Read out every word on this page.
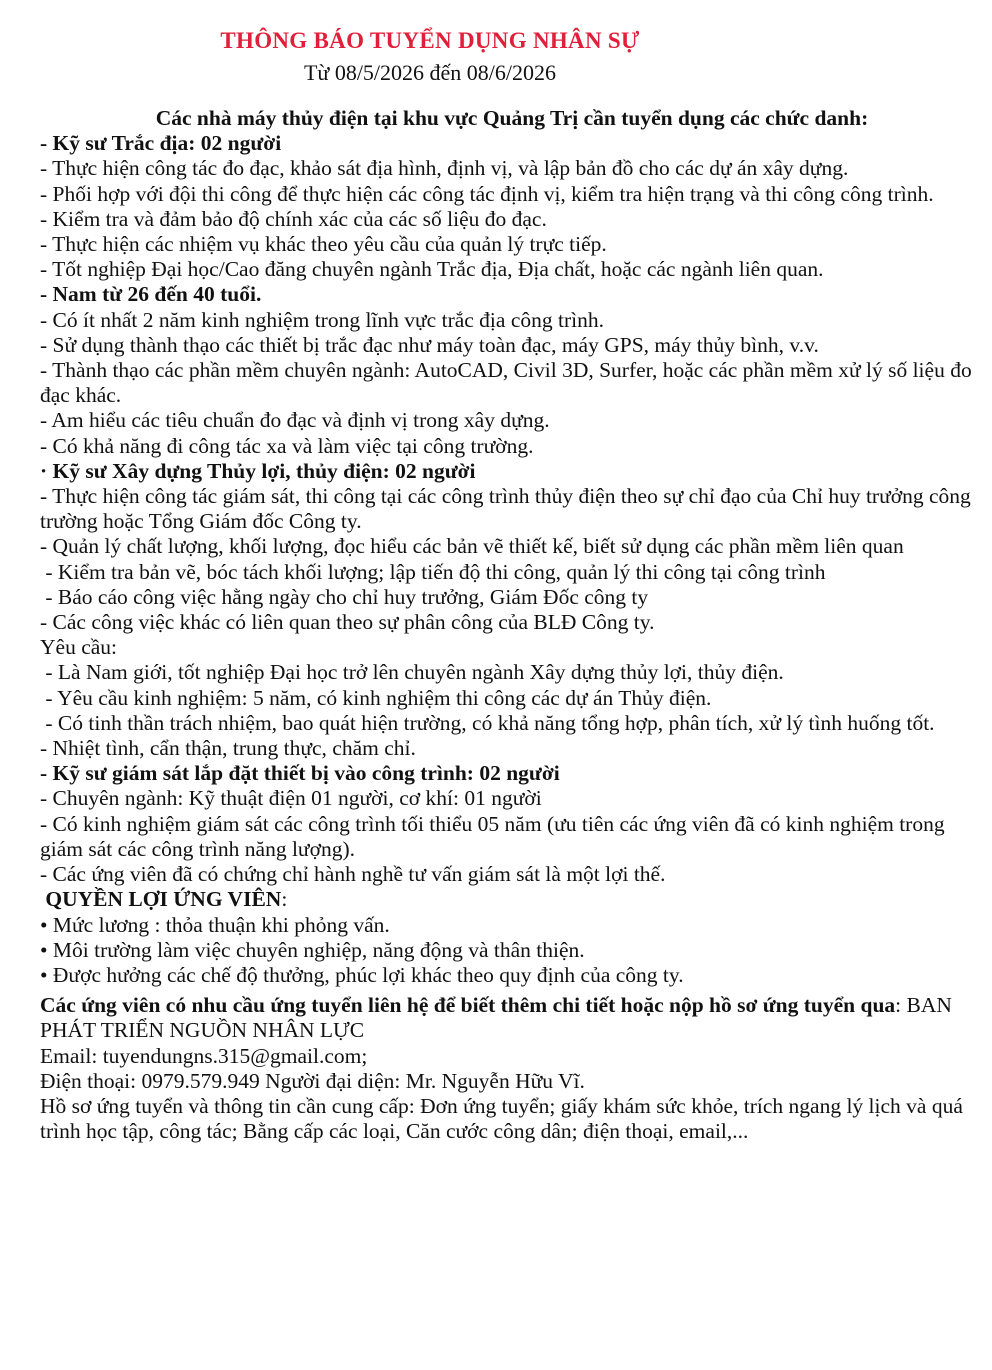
THÔNG BÁO TUYỂN DỤNG NHÂN SỰ
Từ 08/5/2026 đến 08/6/2026

Các nhà máy thủy điện tại khu vực Quảng Trị cần tuyển dụng các chức danh:

- Kỹ sư Trắc địa: 02 người

- Thực hiện công tác đo đạc, khảo sát địa hình, định vị, và lập bản đồ cho các dự án xây dựng.

- Phối hợp với đội thi công để thực hiện các công tác định vị, kiểm tra hiện trạng và thi công công trình.

- Kiểm tra và đảm bảo độ chính xác của các số liệu đo đạc.

- Thực hiện các nhiệm vụ khác theo yêu cầu của quản lý trực tiếp.

- Tốt nghiệp Đại học/Cao đăng chuyên ngành Trắc địa, Địa chất, hoặc các ngành liên quan.

- Nam từ 26 đến 40 tuổi.

- Có ít nhất 2 năm kinh nghiệm trong lĩnh vực trắc địa công trình.

- Sử dụng thành thạo các thiết bị trắc đạc như máy toàn đạc, máy GPS, máy thủy bình, v.v.

- Thành thạo các phần mềm chuyên ngành: AutoCAD, Civil 3D, Surfer, hoặc các phần mềm xử lý số liệu đo đạc khác.

- Am hiểu các tiêu chuẩn đo đạc và định vị trong xây dựng.

- Có khả năng đi công tác xa và làm việc tại công trường.

· Kỹ sư Xây dựng Thủy lợi, thủy điện: 02 người

- Thực hiện công tác giám sát, thi công tại các công trình thủy điện theo sự chỉ đạo của Chỉ huy trưởng công trường hoặc Tổng Giám đốc Công ty.

- Quản lý chất lượng, khối lượng, đọc hiểu các bản vẽ thiết kế, biết sử dụng các phần mềm liên quan

- Kiểm tra bản vẽ, bóc tách khối lượng; lập tiến độ thi công, quản lý thi công tại công trình

- Báo cáo công việc hằng ngày cho chỉ huy trưởng, Giám Đốc công ty

- Các công việc khác có liên quan theo sự phân công của BLĐ Công ty.

Yêu cầu:

- Là Nam giới, tốt nghiệp Đại học trở lên chuyên ngành Xây dựng thủy lợi, thủy điện.

- Yêu cầu kinh nghiệm: 5 năm, có kinh nghiệm thi công các dự án Thủy điện.

- Có tinh thần trách nhiệm, bao quát hiện trường, có khả năng tổng hợp, phân tích, xử lý tình huống tốt.

- Nhiệt tình, cẩn thận, trung thực, chăm chỉ.

- Kỹ sư giám sát lắp đặt thiết bị vào công trình: 02 người

- Chuyên ngành: Kỹ thuật điện 01 người, cơ khí: 01 người

- Có kinh nghiệm giám sát các công trình tối thiểu 05 năm (ưu tiên các ứng viên đã có kinh nghiệm trong giám sát các công trình năng lượng).

- Các ứng viên đã có chứng chỉ hành nghề tư vấn giám sát là một lợi thế.

QUYỀN LỢI ỨNG VIÊN:

• Mức lương : thỏa thuận khi phỏng vấn.

• Môi trường làm việc chuyên nghiệp, năng động và thân thiện.

• Được hưởng các chế độ thưởng, phúc lợi khác theo quy định của công ty.

Các ứng viên có nhu cầu ứng tuyển liên hệ để biết thêm chi tiết hoặc nộp hồ sơ ứng tuyển qua: BAN PHÁT TRIỂN NGUỒN NHÂN LỰC

Email: tuyendungns.315@gmail.com;

Điện thoại: 0979.579.949 Người đại diện: Mr. Nguyễn Hữu Vĩ.

Hồ sơ ứng tuyển và thông tin cần cung cấp: Đơn ứng tuyển; giấy khám sức khỏe, trích ngang lý lịch và quá trình học tập, công tác; Bằng cấp các loại, Căn cước công dân; điện thoại, email,...
